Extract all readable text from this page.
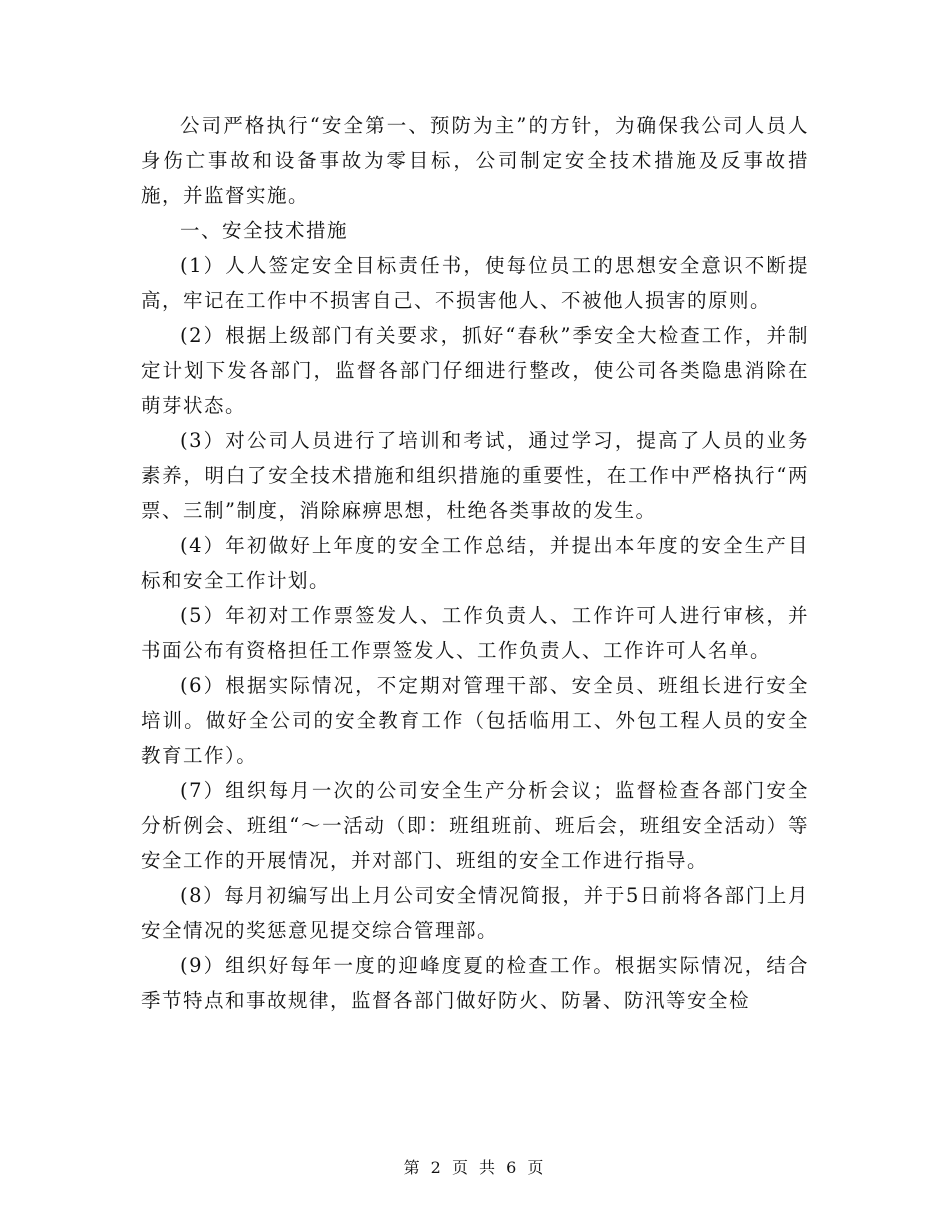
公司严格执行“安全第一、预防为主”的方针，为确保我公司人员人身伤亡事故和设备事故为零目标，公司制定安全技术措施及反事故措施，并监督实施。

一、安全技术措施

(1）人人签定安全目标责任书，使每位员工的思想安全意识不断提高，牢记在工作中不损害自己、不损害他人、不被他人损害的原则。

(2）根据上级部门有关要求，抓好“春秋”季安全大检查工作，并制定计划下发各部门，监督各部门仔细进行整改，使公司各类隐患消除在萌芽状态。

(3）对公司人员进行了培训和考试，通过学习，提高了人员的业务素养，明白了安全技术措施和组织措施的重要性，在工作中严格执行“两票、三制”制度，消除麻痹思想，杜绝各类事故的发生。

(4）年初做好上年度的安全工作总结，并提出本年度的安全生产目标和安全工作计划。

(5）年初对工作票签发人、工作负责人、工作许可人进行审核，并书面公布有资格担任工作票签发人、工作负责人、工作许可人名单。

(6）根据实际情况，不定期对管理干部、安全员、班组长进行安全培训。做好全公司的安全教育工作（包括临用工、外包工程人员的安全教育工作）。

(7）组织每月一次的公司安全生产分析会议；监督检查各部门安全分析例会、班组“～一活动（即：班组班前、班后会，班组安全活动）等安全工作的开展情况，并对部门、班组的安全工作进行指导。

(8）每月初编写出上月公司安全情况简报，并于5日前将各部门上月安全情况的奖惩意见提交综合管理部。

(9）组织好每年一度的迎峰度夏的检查工作。根据实际情况，结合季节特点和事故规律，监督各部门做好防火、防暑、防汛等安全检

第 2 页 共 6 页
